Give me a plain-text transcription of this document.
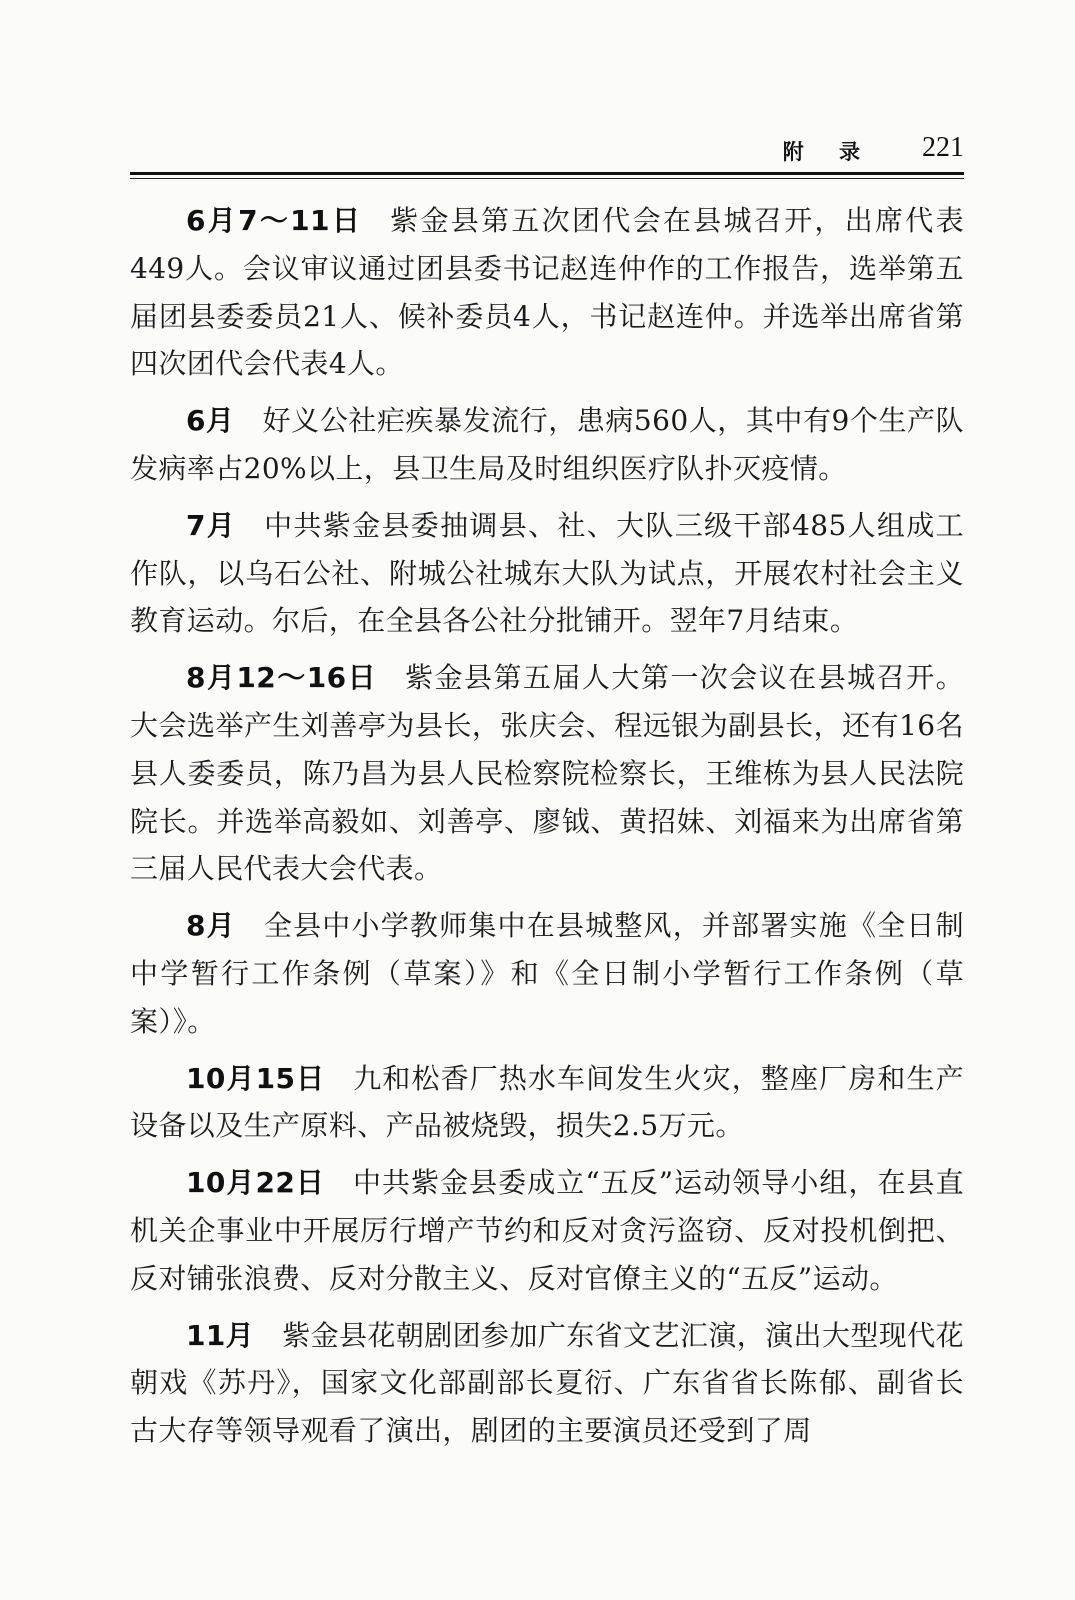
附 录 221

6月7～11日 紫金县第五次团代会在县城召开，出席代表449人。会议审议通过团县委书记赵连仲作的工作报告，选举第五届团县委委员21人、候补委员4人，书记赵连仲。并选举出席省第四次团代会代表4人。

6月 好义公社疟疾暴发流行，患病560人，其中有9个生产队发病率占20%以上，县卫生局及时组织医疗队扑灭疫情。

7月 中共紫金县委抽调县、社、大队三级干部485人组成工作队，以乌石公社、附城公社城东大队为试点，开展农村社会主义教育运动。尔后，在全县各公社分批铺开。翌年7月结束。

8月12～16日 紫金县第五届人大第一次会议在县城召开。大会选举产生刘善亭为县长，张庆会、程远银为副县长，还有16名县人委委员，陈乃昌为县人民检察院检察长，王维栋为县人民法院院长。并选举高毅如、刘善亭、廖钺、黄招妹、刘福来为出席省第三届人民代表大会代表。

8月 全县中小学教师集中在县城整风，并部署实施《全日制中学暂行工作条例（草案）》和《全日制小学暂行工作条例（草案）》。

10月15日 九和松香厂热水车间发生火灾，整座厂房和生产设备以及生产原料、产品被烧毁，损失2.5万元。

10月22日 中共紫金县委成立“五反”运动领导小组，在县直机关企事业中开展厉行增产节约和反对贪污盗窃、反对投机倒把、反对铺张浪费、反对分散主义、反对官僚主义的“五反”运动。

11月 紫金县花朝剧团参加广东省文艺汇演，演出大型现代花朝戏《苏丹》，国家文化部副部长夏衍、广东省省长陈郁、副省长古大存等领导观看了演出，剧团的主要演员还受到了周
